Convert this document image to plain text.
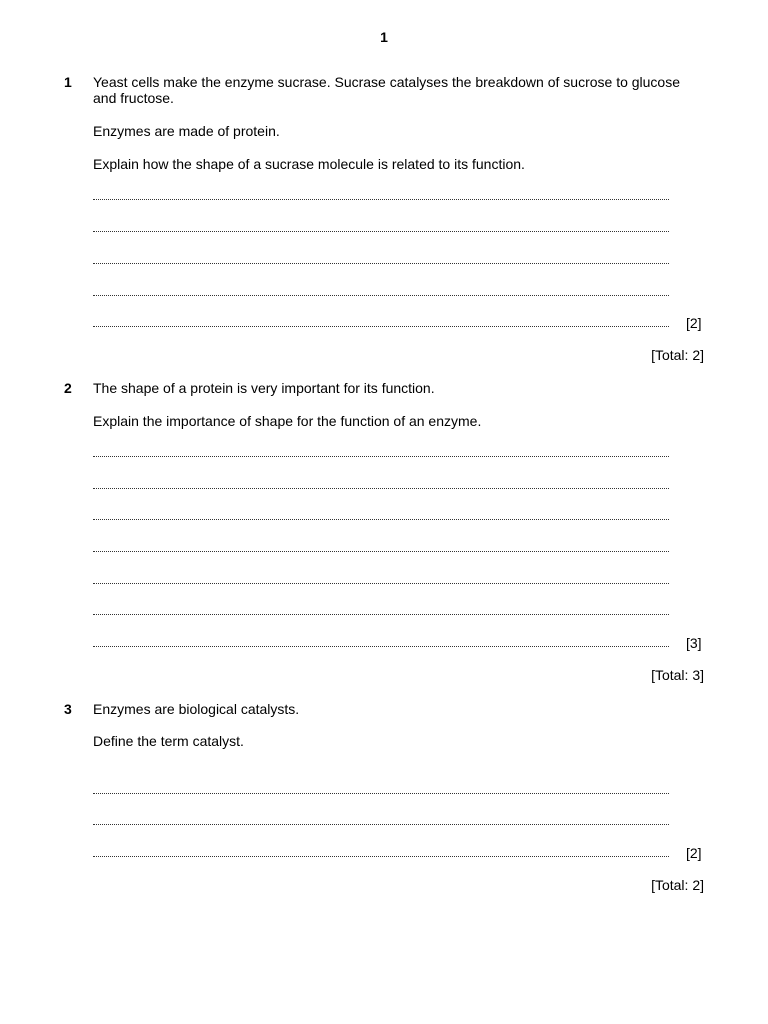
1
1 Yeast cells make the enzyme sucrase. Sucrase catalyses the breakdown of sucrose to glucose and fructose.
Enzymes are made of protein.
Explain how the shape of a sucrase molecule is related to its function.
[2]
[Total: 2]
2 The shape of a protein is very important for its function.
Explain the importance of shape for the function of an enzyme.
[3]
[Total: 3]
3 Enzymes are biological catalysts.
Define the term catalyst.
[2]
[Total: 2]
